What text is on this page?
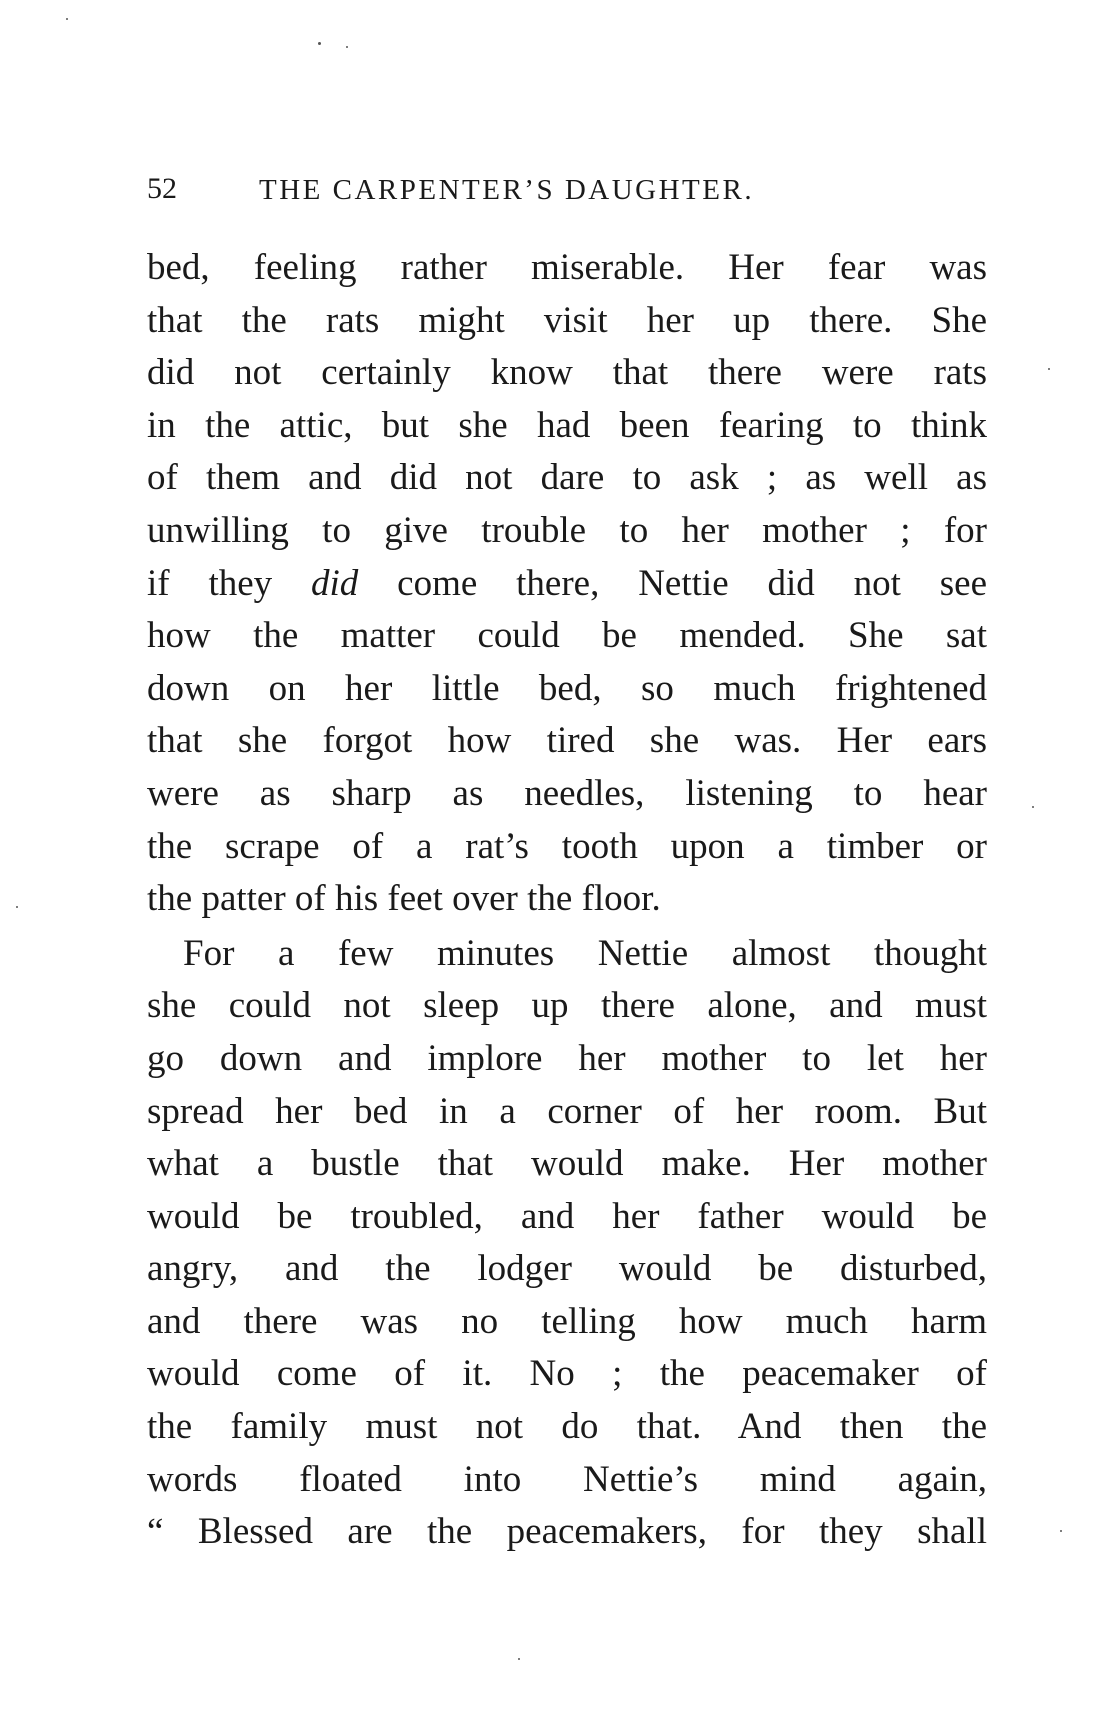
52	THE CARPENTER’S DAUGHTER.
bed, feeling rather miserable. Her fear was
that the rats might visit her up there. She
did not certainly know that there were rats
in the attic, but she had been fearing to think
of them and did not dare to ask ; as well as
unwilling to give trouble to her mother ; for
if they did come there, Nettie did not see
how the matter could be mended. She sat
down on her little bed, so much frightened
that she forgot how tired she was. Her ears
were as sharp as needles, listening to hear
the scrape of a rat’s tooth upon a timber or
the patter of his feet over the floor.
For a few minutes Nettie almost thought
she could not sleep up there alone, and must
go down and implore her mother to let her
spread her bed in a corner of her room. But
what a bustle that would make. Her mother
would be troubled, and her father would be
angry, and the lodger would be disturbed,
and there was no telling how much harm
would come of it. No ; the peacemaker of
the family must not do that. And then the
words floated into Nettie’s mind again,
“ Blessed are the peacemakers, for they shall
